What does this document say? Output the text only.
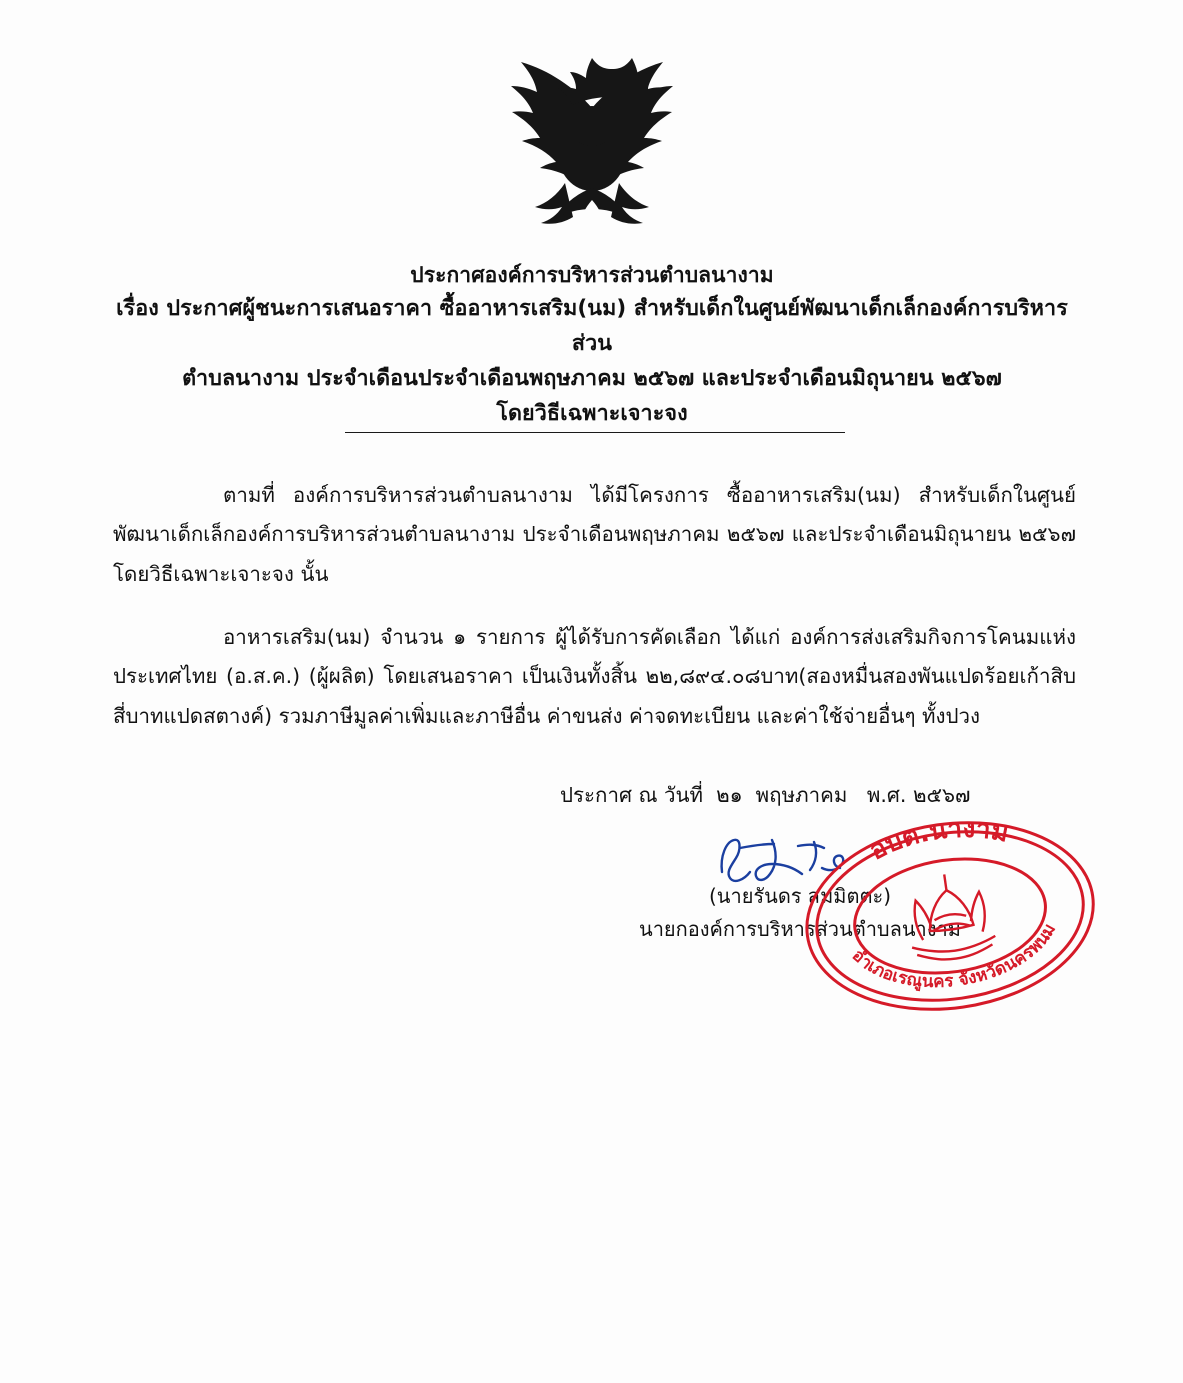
ประกาศองค์การบริหารส่วนตำบลนางาม
เรื่อง ประกาศผู้ชนะการเสนอราคา ซื้ออาหารเสริม(นม) สำหรับเด็กในศูนย์พัฒนาเด็กเล็กองค์การบริหารส่วน
ตำบลนางาม ประจำเดือนประจำเดือนพฤษภาคม ๒๕๖๗ และประจำเดือนมิถุนายน ๒๕๖๗
โดยวิธีเฉพาะเจาะจง

ตามที่ องค์การบริหารส่วนตำบลนางาม ได้มีโครงการ ซื้ออาหารเสริม(นม) สำหรับเด็กในศูนย์พัฒนาเด็กเล็กองค์การบริหารส่วนตำบลนางาม ประจำเดือนพฤษภาคม ๒๕๖๗ และประจำเดือนมิถุนายน ๒๕๖๗ โดยวิธีเฉพาะเจาะจง นั้น

อาหารเสริม(นม) จำนวน ๑ รายการ ผู้ได้รับการคัดเลือก ได้แก่ องค์การส่งเสริมกิจการโคนมแห่งประเทศไทย (อ.ส.ค.) (ผู้ผลิต) โดยเสนอราคา เป็นเงินทั้งสิ้น ๒๒,๘๙๔.๐๘บาท(สองหมื่นสองพันแปดร้อยเก้าสิบสี่บาทแปดสตางค์) รวมภาษีมูลค่าเพิ่มและภาษีอื่น ค่าขนส่ง ค่าจดทะเบียน และค่าใช้จ่ายอื่นๆ ทั้งปวง

ประกาศ ณ วันที่  ๒๑  พฤษภาคม   พ.ศ. ๒๕๖๗
(นายรันดร สมมิตตะ)
นายกองค์การบริหารส่วนตำบลนางาม
อบต.นางาม
อำเภอเรณูนคร จังหวัดนครพนม
